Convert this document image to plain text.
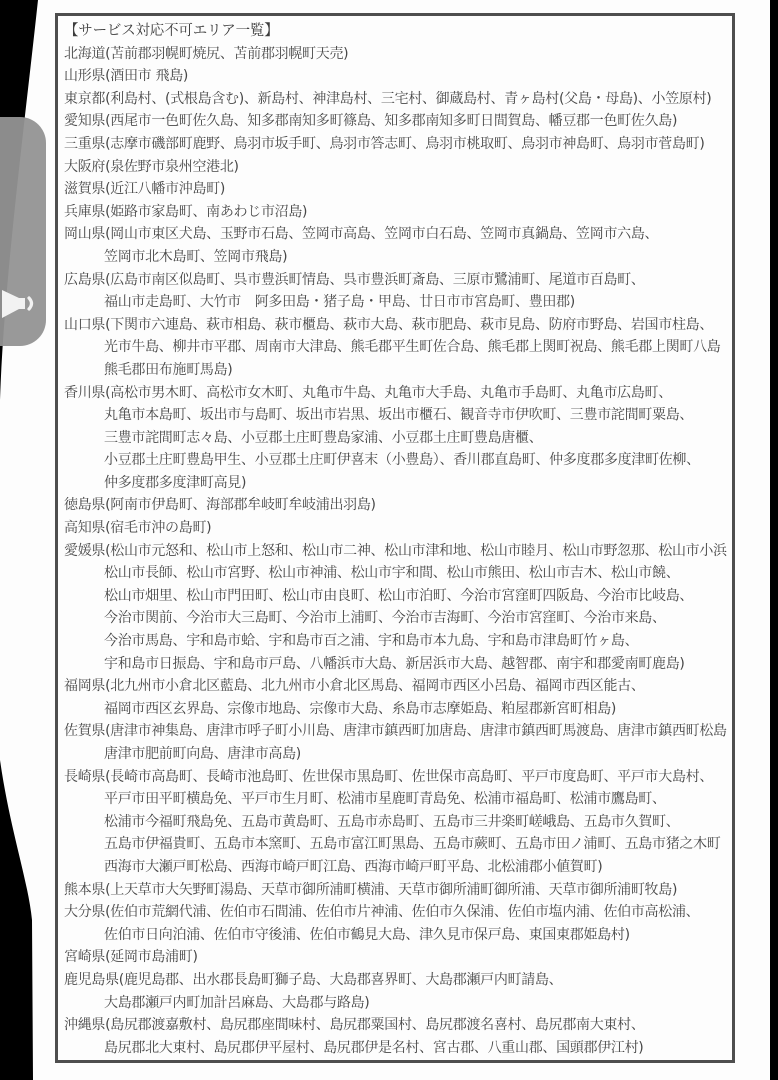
【サービス対応不可エリア一覧】
北海道(苫前郡羽幌町焼尻、苫前郡羽幌町天売)
山形県(酒田市 飛島)
東京都(利島村、(式根島含む)、新島村、神津島村、三宅村、御蔵島村、青ヶ島村(父島・母島)、小笠原村)
愛知県(西尾市一色町佐久島、知多郡南知多町篠島、知多郡南知多町日間賀島、幡豆郡一色町佐久島)
三重県(志摩市磯部町鹿野、鳥羽市坂手町、鳥羽市答志町、鳥羽市桃取町、鳥羽市神島町、鳥羽市菅島町)
大阪府(泉佐野市泉州空港北)
滋賀県(近江八幡市沖島町)
兵庫県(姫路市家島町、南あわじ市沼島)
岡山県(岡山市東区犬島、玉野市石島、笠岡市高島、笠岡市白石島、笠岡市真鍋島、笠岡市六島、
笠岡市北木島町、笠岡市飛島)
広島県(広島市南区似島町、呉市豊浜町情島、呉市豊浜町斎島、三原市鷺浦町、尾道市百島町、
福山市走島町、大竹市　阿多田島・猪子島・甲島、廿日市市宮島町、豊田郡)
山口県(下関市六連島、萩市相島、萩市櫃島、萩市大島、萩市肥島、萩市見島、防府市野島、岩国市柱島、
光市牛島、柳井市平郡、周南市大津島、熊毛郡平生町佐合島、熊毛郡上関町祝島、熊毛郡上関町八島
熊毛郡田布施町馬島)
香川県(高松市男木町、高松市女木町、丸亀市牛島、丸亀市大手島、丸亀市手島町、丸亀市広島町、
丸亀市本島町、坂出市与島町、坂出市岩黒、坂出市櫃石、観音寺市伊吹町、三豊市詫間町粟島、
三豊市詫間町志々島、小豆郡土庄町豊島家浦、小豆郡土庄町豊島唐櫃、
小豆郡土庄町豊島甲生、小豆郡土庄町伊喜末（小豊島）、香川郡直島町、仲多度郡多度津町佐柳、
仲多度郡多度津町高見)
徳島県(阿南市伊島町、海部郡牟岐町牟岐浦出羽島)
高知県(宿毛市沖の島町)
愛媛県(松山市元怒和、松山市上怒和、松山市二神、松山市津和地、松山市睦月、松山市野忽那、松山市小浜
松山市長師、松山市宮野、松山市神浦、松山市宇和間、松山市熊田、松山市吉木、松山市饒、
松山市畑里、松山市門田町、松山市由良町、松山市泊町、今治市宮窪町四阪島、今治市比岐島、
今治市関前、今治市大三島町、今治市上浦町、今治市吉海町、今治市宮窪町、今治市来島、
今治市馬島、宇和島市蛤、宇和島市百之浦、宇和島市本九島、宇和島市津島町竹ヶ島、
宇和島市日振島、宇和島市戸島、八幡浜市大島、新居浜市大島、越智郡、南宇和郡愛南町鹿島)
福岡県(北九州市小倉北区藍島、北九州市小倉北区馬島、福岡市西区小呂島、福岡市西区能古、
福岡市西区玄界島、宗像市地島、宗像市大島、糸島市志摩姫島、粕屋郡新宮町相島)
佐賀県(唐津市神集島、唐津市呼子町小川島、唐津市鎮西町加唐島、唐津市鎮西町馬渡島、唐津市鎮西町松島
唐津市肥前町向島、唐津市高島)
長崎県(長崎市高島町、長崎市池島町、佐世保市黒島町、佐世保市高島町、平戸市度島町、平戸市大島村、
平戸市田平町横島免、平戸市生月町、松浦市星鹿町青島免、松浦市福島町、松浦市鷹島町、
松浦市今福町飛島免、五島市黄島町、五島市赤島町、五島市三井楽町嵯峨島、五島市久賀町、
五島市伊福貴町、五島市本窯町、五島市富江町黒島、五島市蕨町、五島市田ノ浦町、五島市猪之木町
西海市大瀬戸町松島、西海市崎戸町江島、西海市崎戸町平島、北松浦郡小値賀町)
熊本県(上天草市大矢野町湯島、天草市御所浦町横浦、天草市御所浦町御所浦、天草市御所浦町牧島)
大分県(佐伯市荒網代浦、佐伯市石間浦、佐伯市片神浦、佐伯市久保浦、佐伯市塩内浦、佐伯市高松浦、
佐伯市日向泊浦、佐伯市守後浦、佐伯市鶴見大島、津久見市保戸島、東国東郡姫島村)
宮崎県(延岡市島浦町)
鹿児島県(鹿児島郡、出水郡長島町獅子島、大島郡喜界町、大島郡瀬戸内町請島、
大島郡瀬戸内町加計呂麻島、大島郡与路島)
沖縄県(島尻郡渡嘉敷村、島尻郡座間味村、島尻郡粟国村、島尻郡渡名喜村、島尻郡南大東村、
島尻郡北大東村、島尻郡伊平屋村、島尻郡伊是名村、宮古郡、八重山郡、国頭郡伊江村)
